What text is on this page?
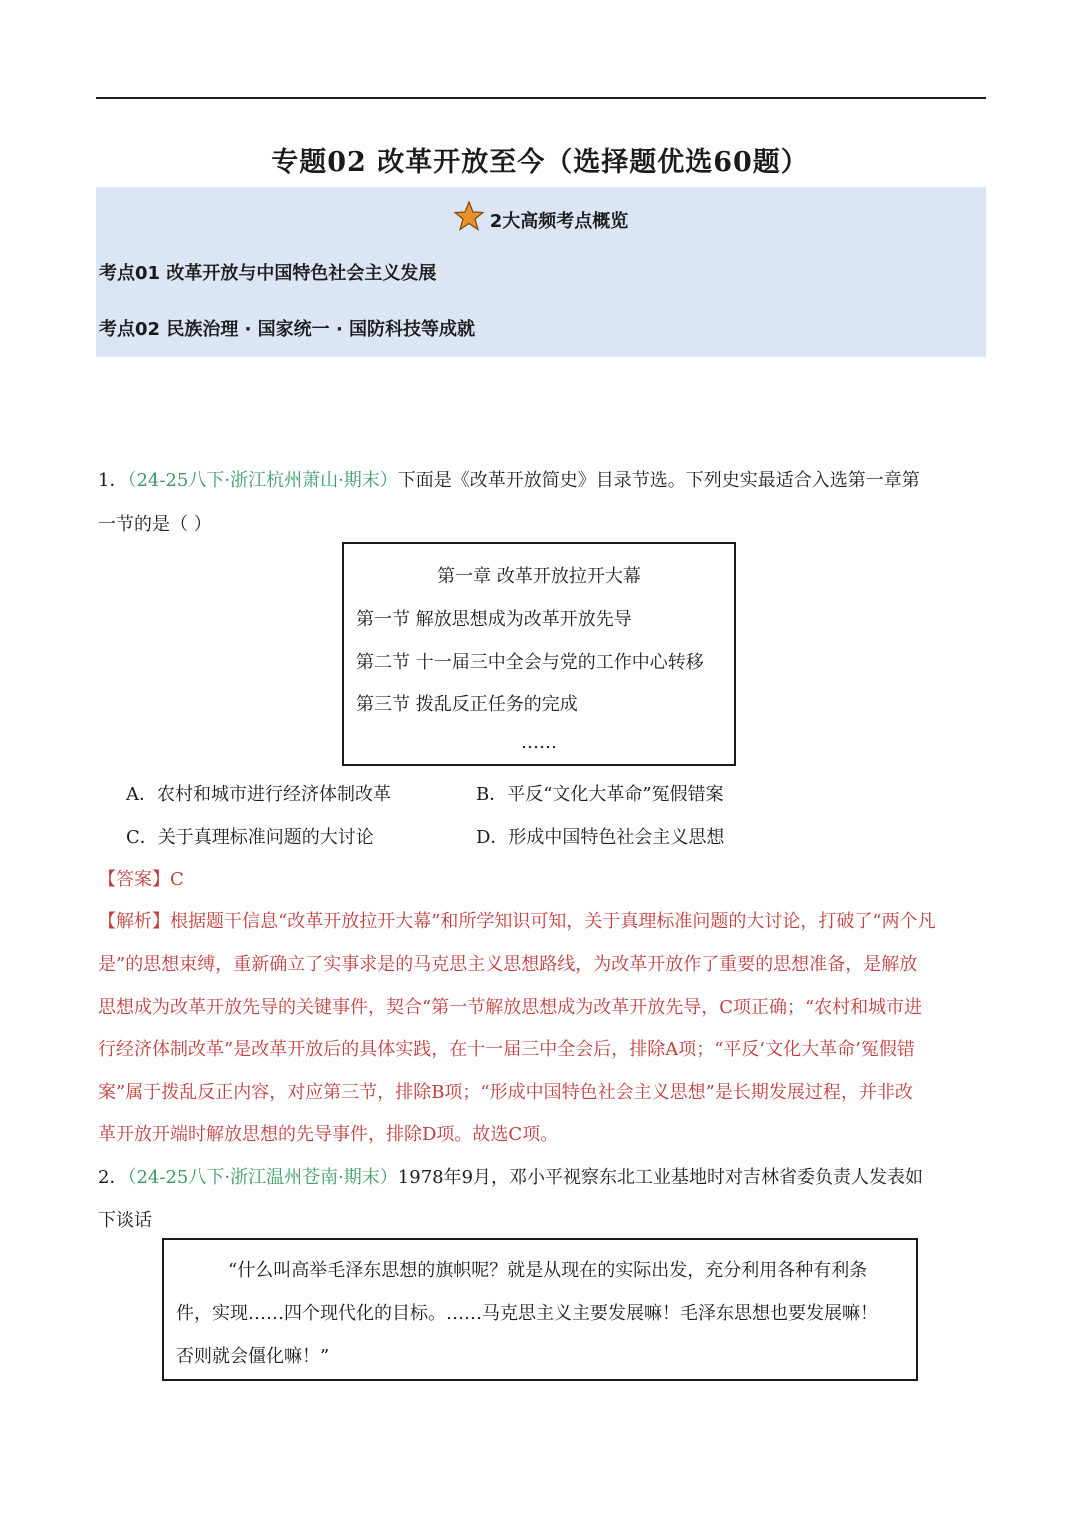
专题02 改革开放至今（选择题优选60题）
2大高频考点概览
考点01 改革开放与中国特色社会主义发展
考点02 民族治理 · 国家统一 · 国防科技等成就
1．（24-25八下·浙江杭州萧山·期末）下面是《改革开放简史》目录节选。下列史实最适合入选第一章第
一节的是（ ）
第一章 改革开放拉开大幕
第一节 解放思想成为改革开放先导
第二节 十一届三中全会与党的工作中心转移
第三节 拨乱反正任务的完成
……
A．农村和城市进行经济体制改革	B．平反“文化大革命”冤假错案
C．关于真理标准问题的大讨论	D．形成中国特色社会主义思想
【答案】C
【解析】根据题干信息“改革开放拉开大幕”和所学知识可知，关于真理标准问题的大讨论，打破了“两个凡
是”的思想束缚，重新确立了实事求是的马克思主义思想路线，为改革开放作了重要的思想准备，是解放
思想成为改革开放先导的关键事件，契合“第一节解放思想成为改革开放先导，C项正确；“农村和城市进
行经济体制改革”是改革开放后的具体实践，在十一届三中全会后，排除A项；“平反‘文化大革命’冤假错
案”属于拨乱反正内容，对应第三节，排除B项；“形成中国特色社会主义思想”是长期发展过程，并非改
革开放开端时解放思想的先导事件，排除D项。故选C项。
2．（24-25八下·浙江温州苍南·期末）1978年9月，邓小平视察东北工业基地时对吉林省委负责人发表如
下谈话
“什么叫高举毛泽东思想的旗帜呢？就是从现在的实际出发，充分利用各种有利条
件，实现……四个现代化的目标。……马克思主义主要发展嘛！毛泽东思想也要发展嘛！
否则就会僵化嘛！”
